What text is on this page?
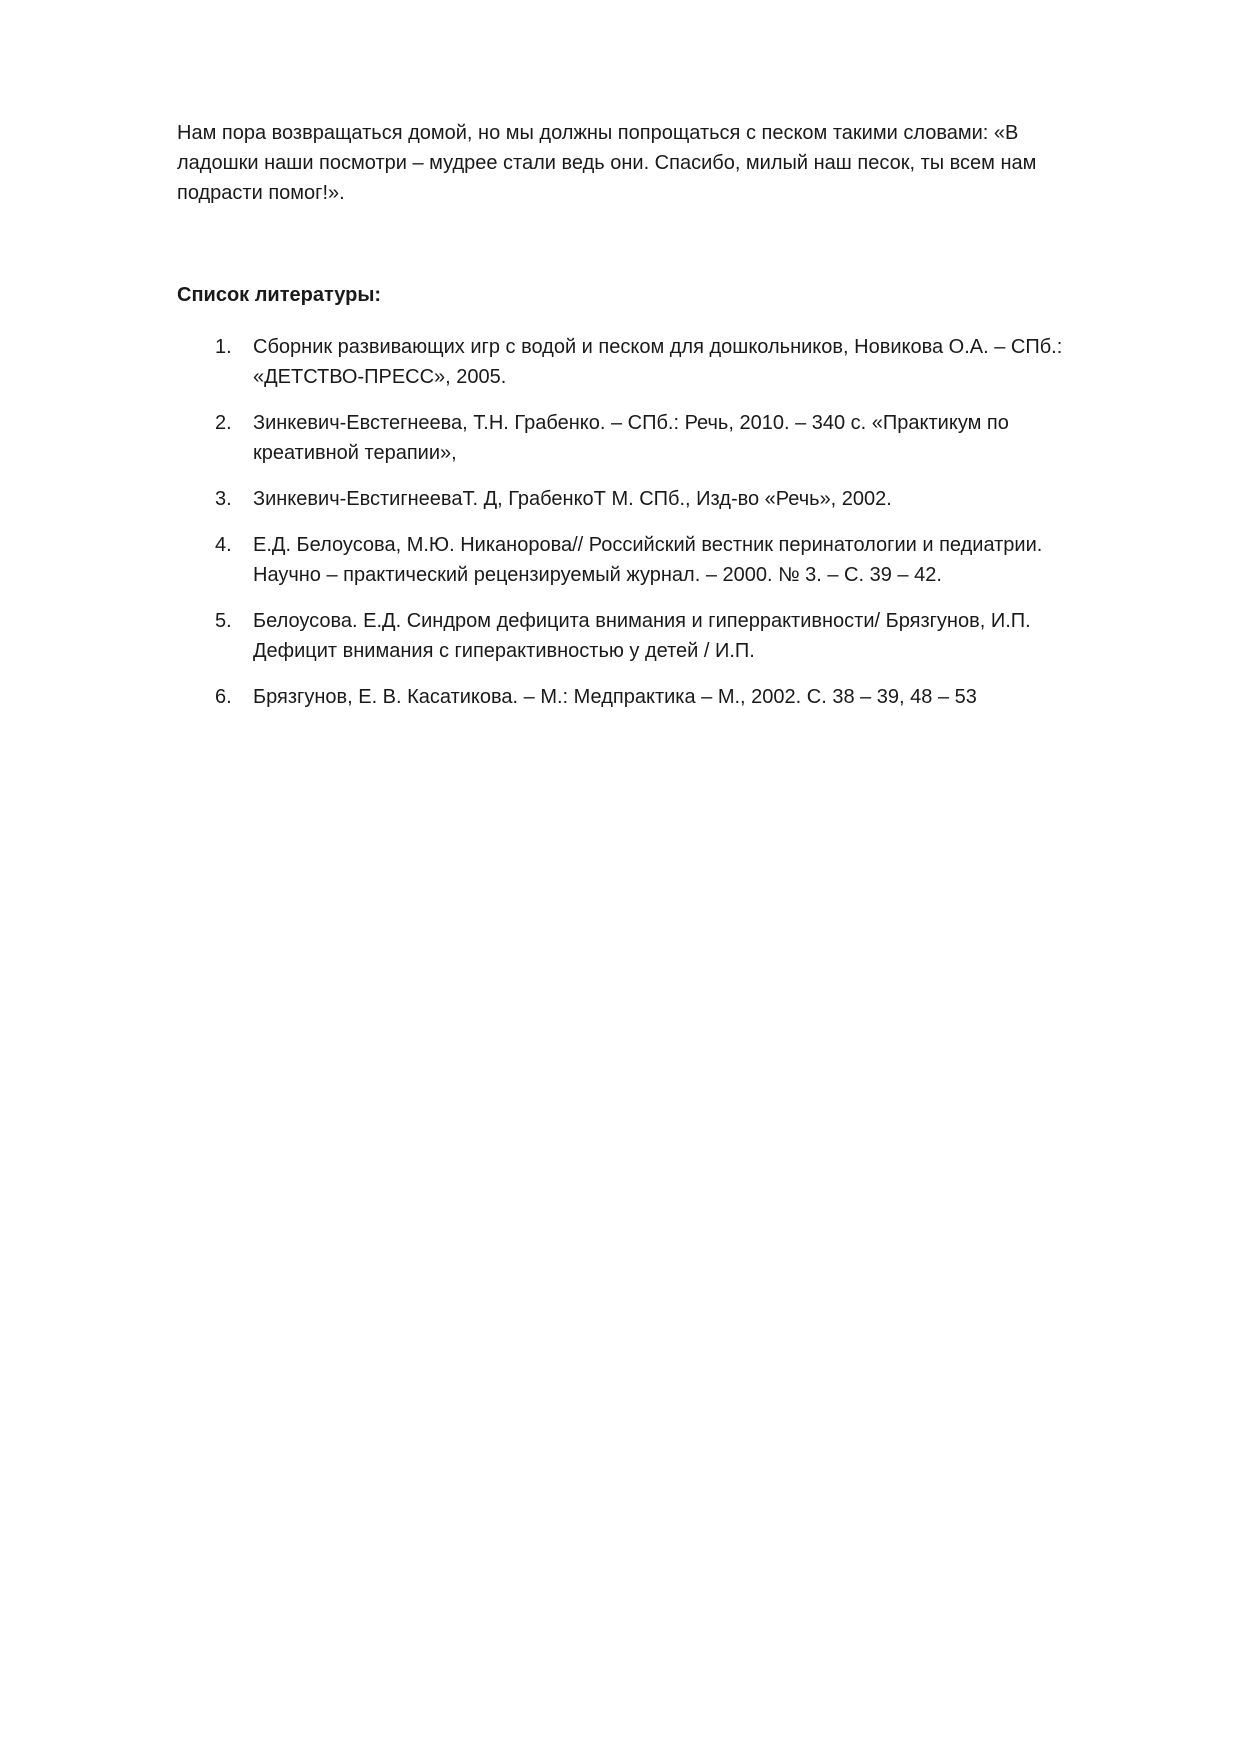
Нам пора возвращаться домой, но мы должны попрощаться с песком такими словами: «В ладошки наши посмотри – мудрее стали ведь они. Спасибо, милый наш песок, ты всем нам подрасти помог!».

Список литературы:
1. Сборник развивающих игр с водой и песком для дошкольников, Новикова О.А. – СПб.: «ДЕТСТВО-ПРЕСС», 2005.
2. Зинкевич-Евстегнеева, Т.Н. Грабенко. – СПб.: Речь, 2010. – 340 с. «Практикум по креативной терапии»,
3. Зинкевич-ЕвстигнееваТ. Д, ГрабенкоТ М. СПб., Изд-во «Речь», 2002.
4. Е.Д. Белоусова, М.Ю. Никанорова// Российский вестник перинатологии и педиатрии. Научно – практический рецензируемый журнал. – 2000. № 3. – С. 39 – 42.
5. Белоусова. Е.Д. Синдром дефицита внимания и гиперрактивности/ Брязгунов, И.П. Дефицит внимания с гиперактивностью у детей / И.П.
6. Брязгунов, Е. В. Касатикова. – М.: Медпрактика – М., 2002. С. 38 – 39, 48 – 53
